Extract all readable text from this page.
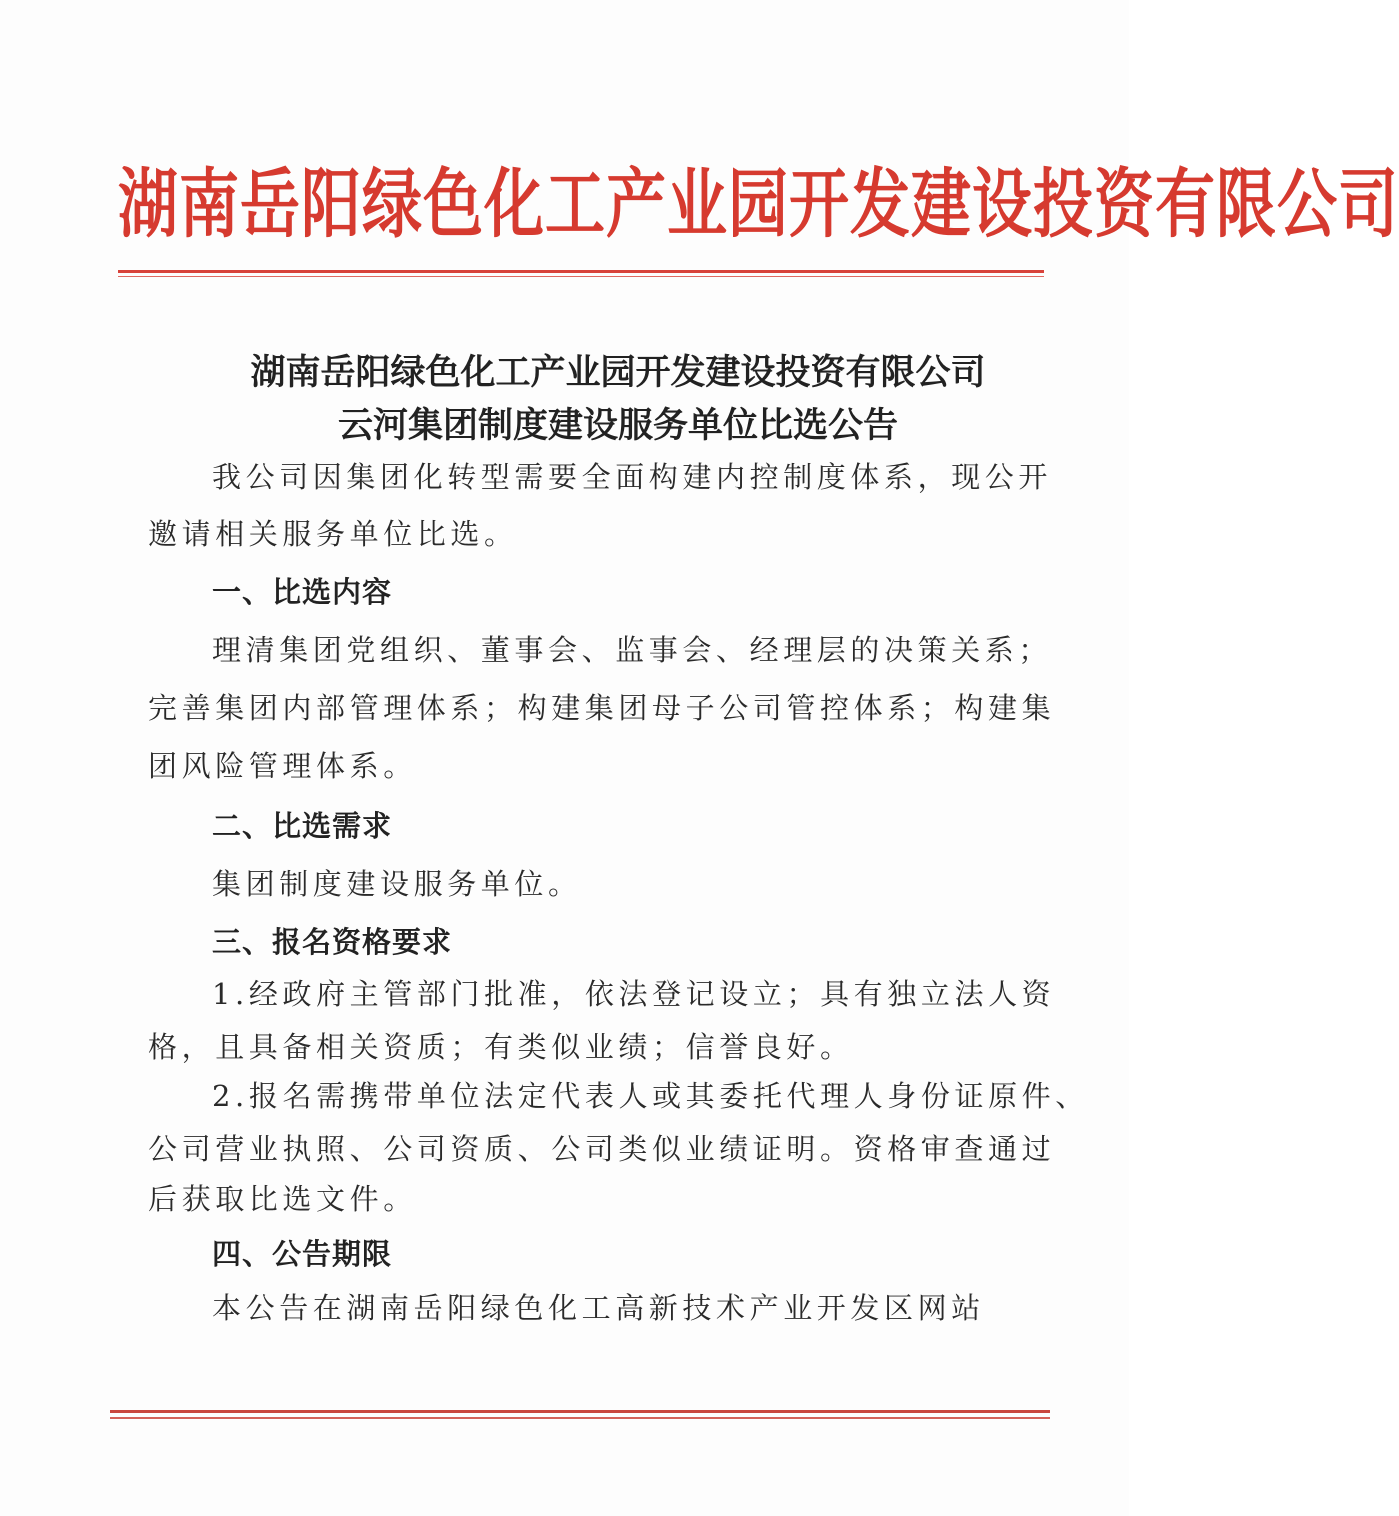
湖南岳阳绿色化工产业园开发建设投资有限公司
湖南岳阳绿色化工产业园开发建设投资有限公司
云河集团制度建设服务单位比选公告
我公司因集团化转型需要全面构建内控制度体系，现公开
邀请相关服务单位比选。
一、比选内容
理清集团党组织、董事会、监事会、经理层的决策关系；
完善集团内部管理体系；构建集团母子公司管控体系；构建集
团风险管理体系。
二、比选需求
集团制度建设服务单位。
三、报名资格要求
1.经政府主管部门批准，依法登记设立；具有独立法人资
格，且具备相关资质；有类似业绩；信誉良好。
2.报名需携带单位法定代表人或其委托代理人身份证原件、
公司营业执照、公司资质、公司类似业绩证明。资格审查通过
后获取比选文件。
四、公告期限
本公告在湖南岳阳绿色化工高新技术产业开发区网站
